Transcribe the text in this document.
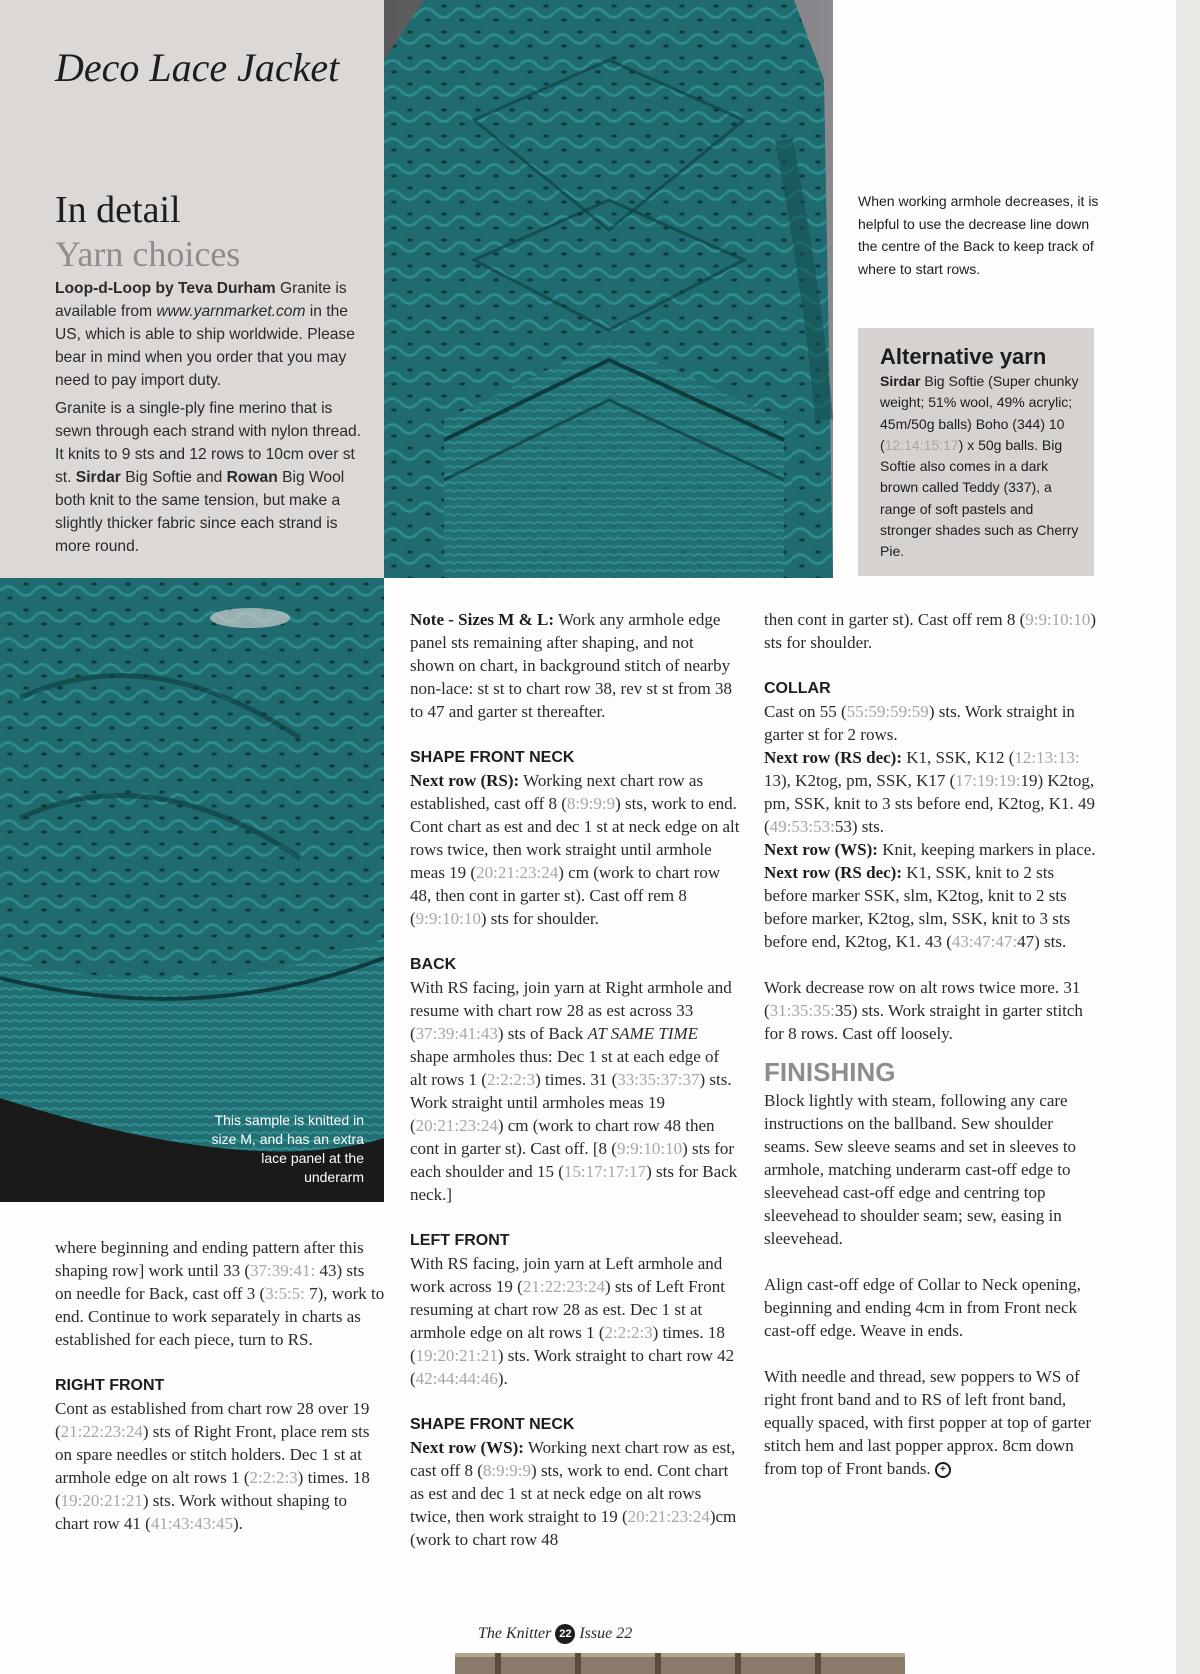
Deco Lace Jacket
In detail
Yarn choices

Loop-d-Loop by Teva Durham Granite is available from www.yarnmarket.com in the US, which is able to ship worldwide. Please bear in mind when you order that you may need to pay import duty.

Granite is a single-ply fine merino that is sewn through each strand with nylon thread. It knits to 9 sts and 12 rows to 10cm over st st. Sirdar Big Softie and Rowan Big Wool both knit to the same tension, but make a slightly thicker fabric since each strand is more round.

This sample is knitted in size M, and has an extra lace panel at the underarm
When working armhole decreases, it is helpful to use the decrease line down the centre of the Back to keep track of where to start rows.
Alternative yarn
Sirdar Big Softie (Super chunky weight; 51% wool, 49% acrylic; 45m/50g balls) Boho (344) 10 (12:14:15:17) x 50g balls. Big Softie also comes in a dark brown called Teddy (337), a range of soft pastels and stronger shades such as Cherry Pie.

where beginning and ending pattern after this shaping row] work until 33 (37:39:41: 43) sts on needle for Back, cast off 3 (3:5:5: 7), work to end. Continue to work separately in charts as established for each piece, turn to RS.

RIGHT FRONT

Cont as established from chart row 28 over 19 (21:22:23:24) sts of Right Front, place rem sts on spare needles or stitch holders. Dec 1 st at armhole edge on alt rows 1 (2:2:2:3) times. 18 (19:20:21:21) sts. Work without shaping to chart row 41 (41:43:43:45).

Note - Sizes M & L: Work any armhole edge panel sts remaining after shaping, and not shown on chart, in background stitch of nearby non-lace: st st to chart row 38, rev st st from 38 to 47 and garter st thereafter.

SHAPE FRONT NECK

Next row (RS): Working next chart row as established, cast off 8 (8:9:9:9) sts, work to end. Cont chart as est and dec 1 st at neck edge on alt rows twice, then work straight until armhole meas 19 (20:21:23:24) cm (work to chart row 48, then cont in garter st). Cast off rem 8 (9:9:10:10) sts for shoulder.

BACK

With RS facing, join yarn at Right armhole and resume with chart row 28 as est across 33 (37:39:41:43) sts of Back AT SAME TIME shape armholes thus: Dec 1 st at each edge of alt rows 1 (2:2:2:3) times. 31 (33:35:37:37) sts. Work straight until armholes meas 19 (20:21:23:24) cm (work to chart row 48 then cont in garter st). Cast off. [8 (9:9:10:10) sts for each shoulder and 15 (15:17:17:17) sts for Back neck.]

LEFT FRONT

With RS facing, join yarn at Left armhole and work across 19 (21:22:23:24) sts of Left Front resuming at chart row 28 as est. Dec 1 st at armhole edge on alt rows 1 (2:2:2:3) times. 18 (19:20:21:21) sts. Work straight to chart row 42 (42:44:44:46).

SHAPE FRONT NECK

Next row (WS): Working next chart row as est, cast off 8 (8:9:9:9) sts, work to end. Cont chart as est and dec 1 st at neck edge on alt rows twice, then work straight to 19 (20:21:23:24)cm (work to chart row 48

then cont in garter st). Cast off rem 8 (9:9:10:10) sts for shoulder.

COLLAR

Cast on 55 (55:59:59:59) sts. Work straight in garter st for 2 rows.

Next row (RS dec): K1, SSK, K12 (12:13:13: 13), K2tog, pm, SSK, K17 (17:19:19:19) K2tog, pm, SSK, knit to 3 sts before end, K2tog, K1. 49 (49:53:53:53) sts.

Next row (WS): Knit, keeping markers in place.

Next row (RS dec): K1, SSK, knit to 2 sts before marker SSK, slm, K2tog, knit to 2 sts before marker, K2tog, slm, SSK, knit to 3 sts before end, K2tog, K1. 43 (43:47:47:47) sts.

Work decrease row on alt rows twice more. 31 (31:35:35:35) sts. Work straight in garter stitch for 8 rows. Cast off loosely.

FINISHING

Block lightly with steam, following any care instructions on the ballband. Sew shoulder seams. Sew sleeve seams and set in sleeves to armhole, matching underarm cast-off edge to sleevehead cast-off edge and centring top sleevehead to shoulder seam; sew, easing in sleevehead.

Align cast-off edge of Collar to Neck opening, beginning and ending 4cm in from Front neck cast-off edge. Weave in ends.

With needle and thread, sew poppers to WS of right front band and to RS of left front band, equally spaced, with first popper at top of garter stitch hem and last popper approx. 8cm down from top of Front bands. +

The Knitter 22 Issue 22
